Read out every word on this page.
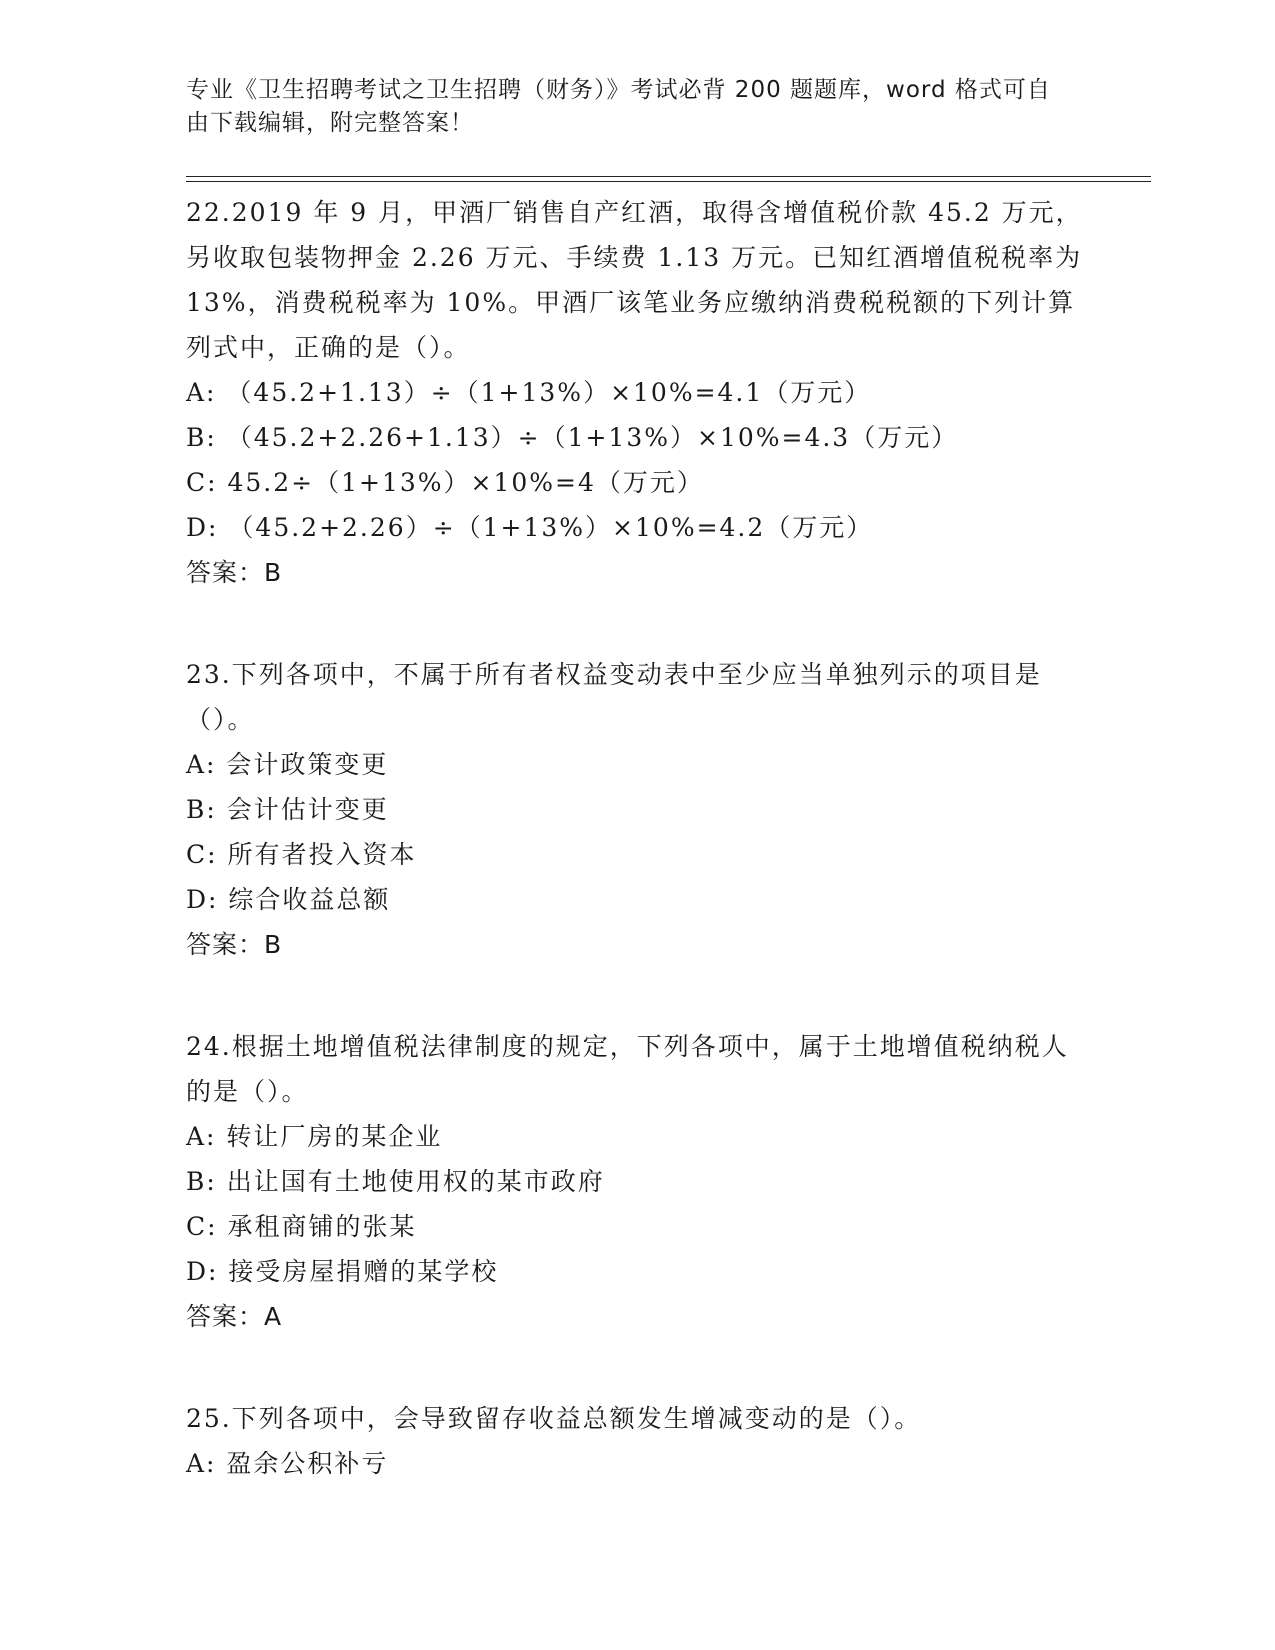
专业《卫生招聘考试之卫生招聘（财务）》考试必背 200 题题库，word 格式可自由下载编辑，附完整答案！

22.2019 年 9 月，甲酒厂销售自产红酒，取得含增值税价款 45.2 万元，另收取包装物押金 2.26 万元、手续费 1.13 万元。已知红酒增值税税率为 13%，消费税税率为 10%。甲酒厂该笔业务应缴纳消费税税额的下列计算列式中，正确的是（）。

A: （45.2+1.13）÷（1+13%）×10%=4.1（万元）

B: （45.2+2.26+1.13）÷（1+13%）×10%=4.3（万元）

C: 45.2÷（1+13%）×10%=4（万元）

D: （45.2+2.26）÷（1+13%）×10%=4.2（万元）

答案：B

23.下列各项中，不属于所有者权益变动表中至少应当单独列示的项目是（）。

A: 会计政策变更

B: 会计估计变更

C: 所有者投入资本

D: 综合收益总额

答案：B

24.根据土地增值税法律制度的规定，下列各项中，属于土地增值税纳税人的是（）。

A: 转让厂房的某企业

B: 出让国有土地使用权的某市政府

C: 承租商铺的张某

D: 接受房屋捐赠的某学校

答案：A

25.下列各项中，会导致留存收益总额发生增减变动的是（）。

A: 盈余公积补亏
